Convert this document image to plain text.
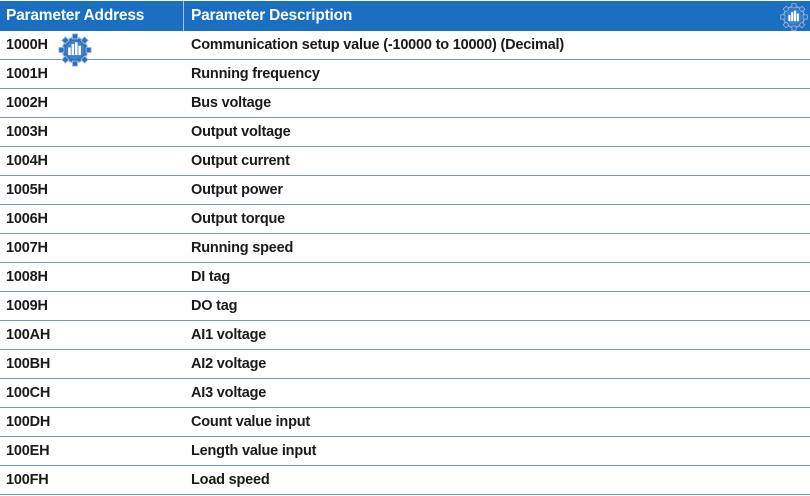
Parameter Address	Parameter Description
1000H	Communication setup value (-10000 to 10000) (Decimal)
1001H	Running frequency
1002H	Bus voltage
1003H	Output voltage
1004H	Output current
1005H	Output power
1006H	Output torque
1007H	Running speed
1008H	DI tag
1009H	DO tag
100AH	AI1 voltage
100BH	AI2 voltage
100CH	AI3 voltage
100DH	Count value input
100EH	Length value input
100FH	Load speed
